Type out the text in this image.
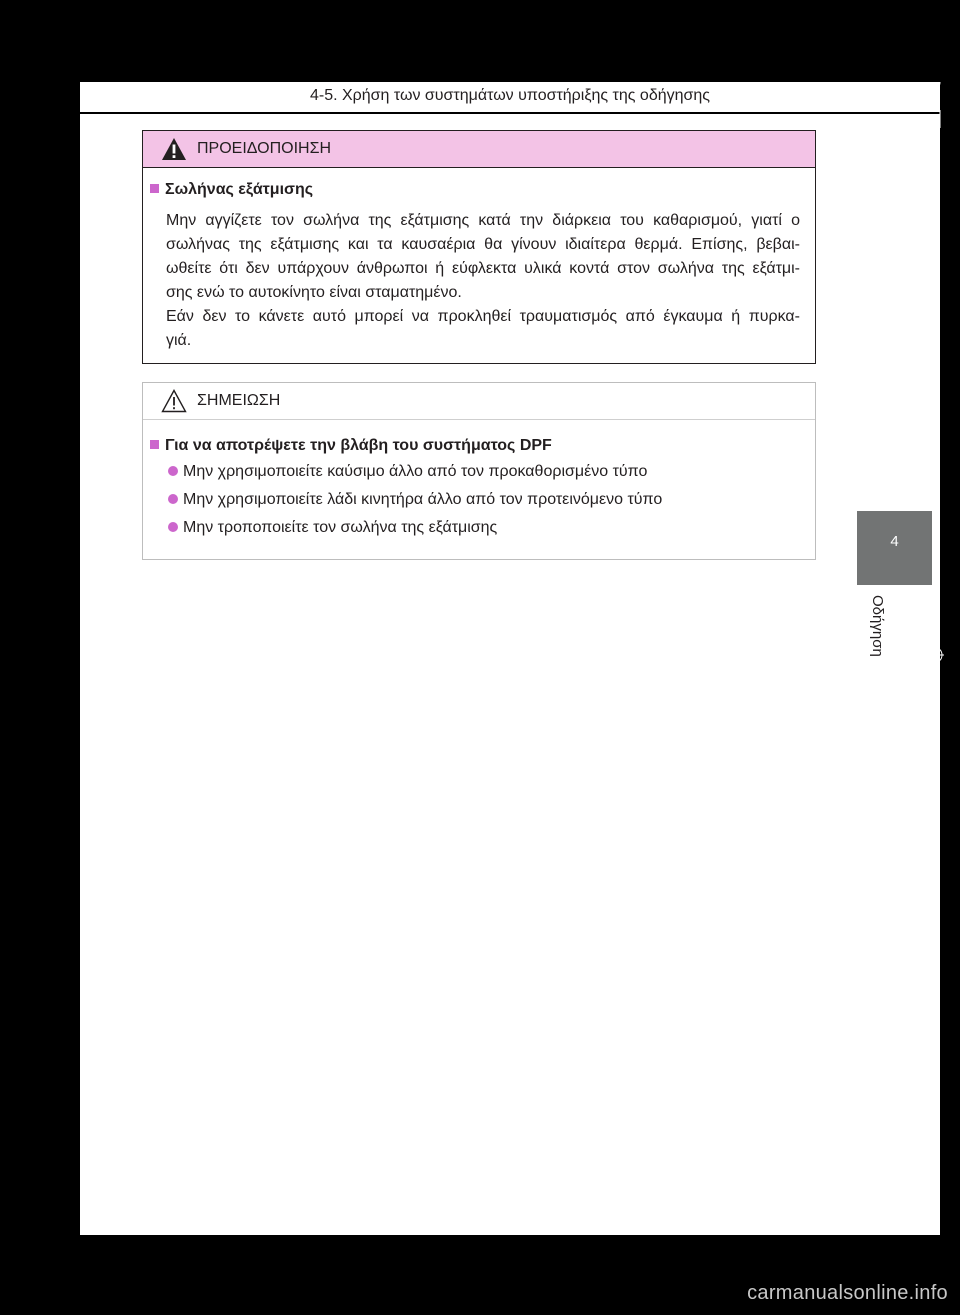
4-5. Χρήση των συστημάτων υποστήριξης της οδήγησης
ΠΡΟΕΙΔΟΠΟΙΗΣΗ
Σωλήνας εξάτμισης
Μην αγγίζετε τον σωλήνα της εξάτμισης κατά την διάρκεια του καθαρισμού, γιατί ο
σωλήνας της εξάτμισης και τα καυσαέρια θα γίνουν ιδιαίτερα θερμά. Επίσης, βεβαι-
ωθείτε ότι δεν υπάρχουν άνθρωποι ή εύφλεκτα υλικά κοντά στον σωλήνα της εξάτμι-
σης ενώ το αυτοκίνητο είναι σταματημένο.
Εάν δεν το κάνετε αυτό μπορεί να προκληθεί τραυματισμός από έγκαυμα ή πυρκα-
γιά.
ΣΗΜΕΙΩΣΗ
Για να αποτρέψετε την βλάβη του συστήματος DPF
Μην χρησιμοποιείτε καύσιμο άλλο από τον προκαθορισμένο τύπο
Μην χρησιμοποιείτε λάδι κινητήρα άλλο από τον προτεινόμενο τύπο
Μην τροποποιείτε τον σωλήνα της εξάτμισης
4
Οδήγηση
carmanualsonline.info
